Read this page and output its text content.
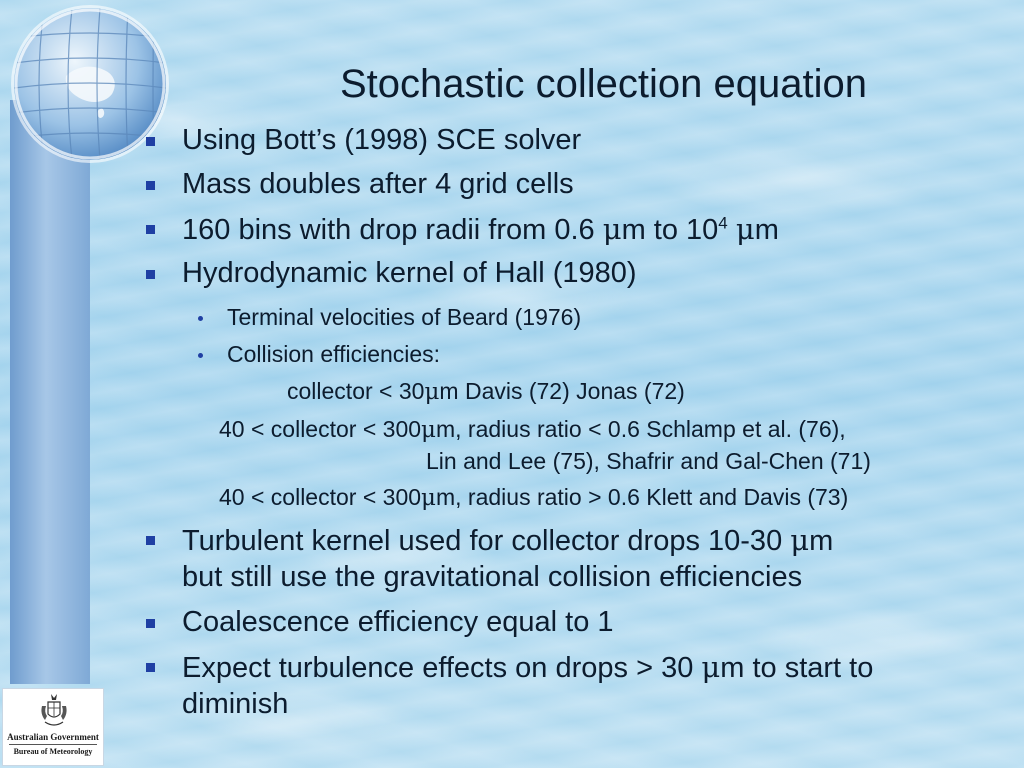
Australian Government
Bureau of Meteorology
Stochastic collection equation
Using Bott’s (1998) SCE solver
Mass doubles after 4 grid cells
160 bins with drop radii from 0.6 μm to $10^4$ μm
Hydrodynamic kernel of Hall (1980)
Terminal velocities of Beard (1976)
Collision efficiencies:
collector < 30μm Davis (72) Jonas (72)
40 < collector < 300μm, radius ratio < 0.6 Schlamp et al. (76),
Lin and Lee (75), Shafrir and Gal-Chen (71)
40 < collector < 300μm, radius ratio > 0.6 Klett and Davis (73)
Turbulent kernel used for collector drops 10-30 μm
but still use the gravitational collision efficiencies
Coalescence efficiency equal to 1
Expect turbulence effects on drops > 30 μm to start to
diminish
